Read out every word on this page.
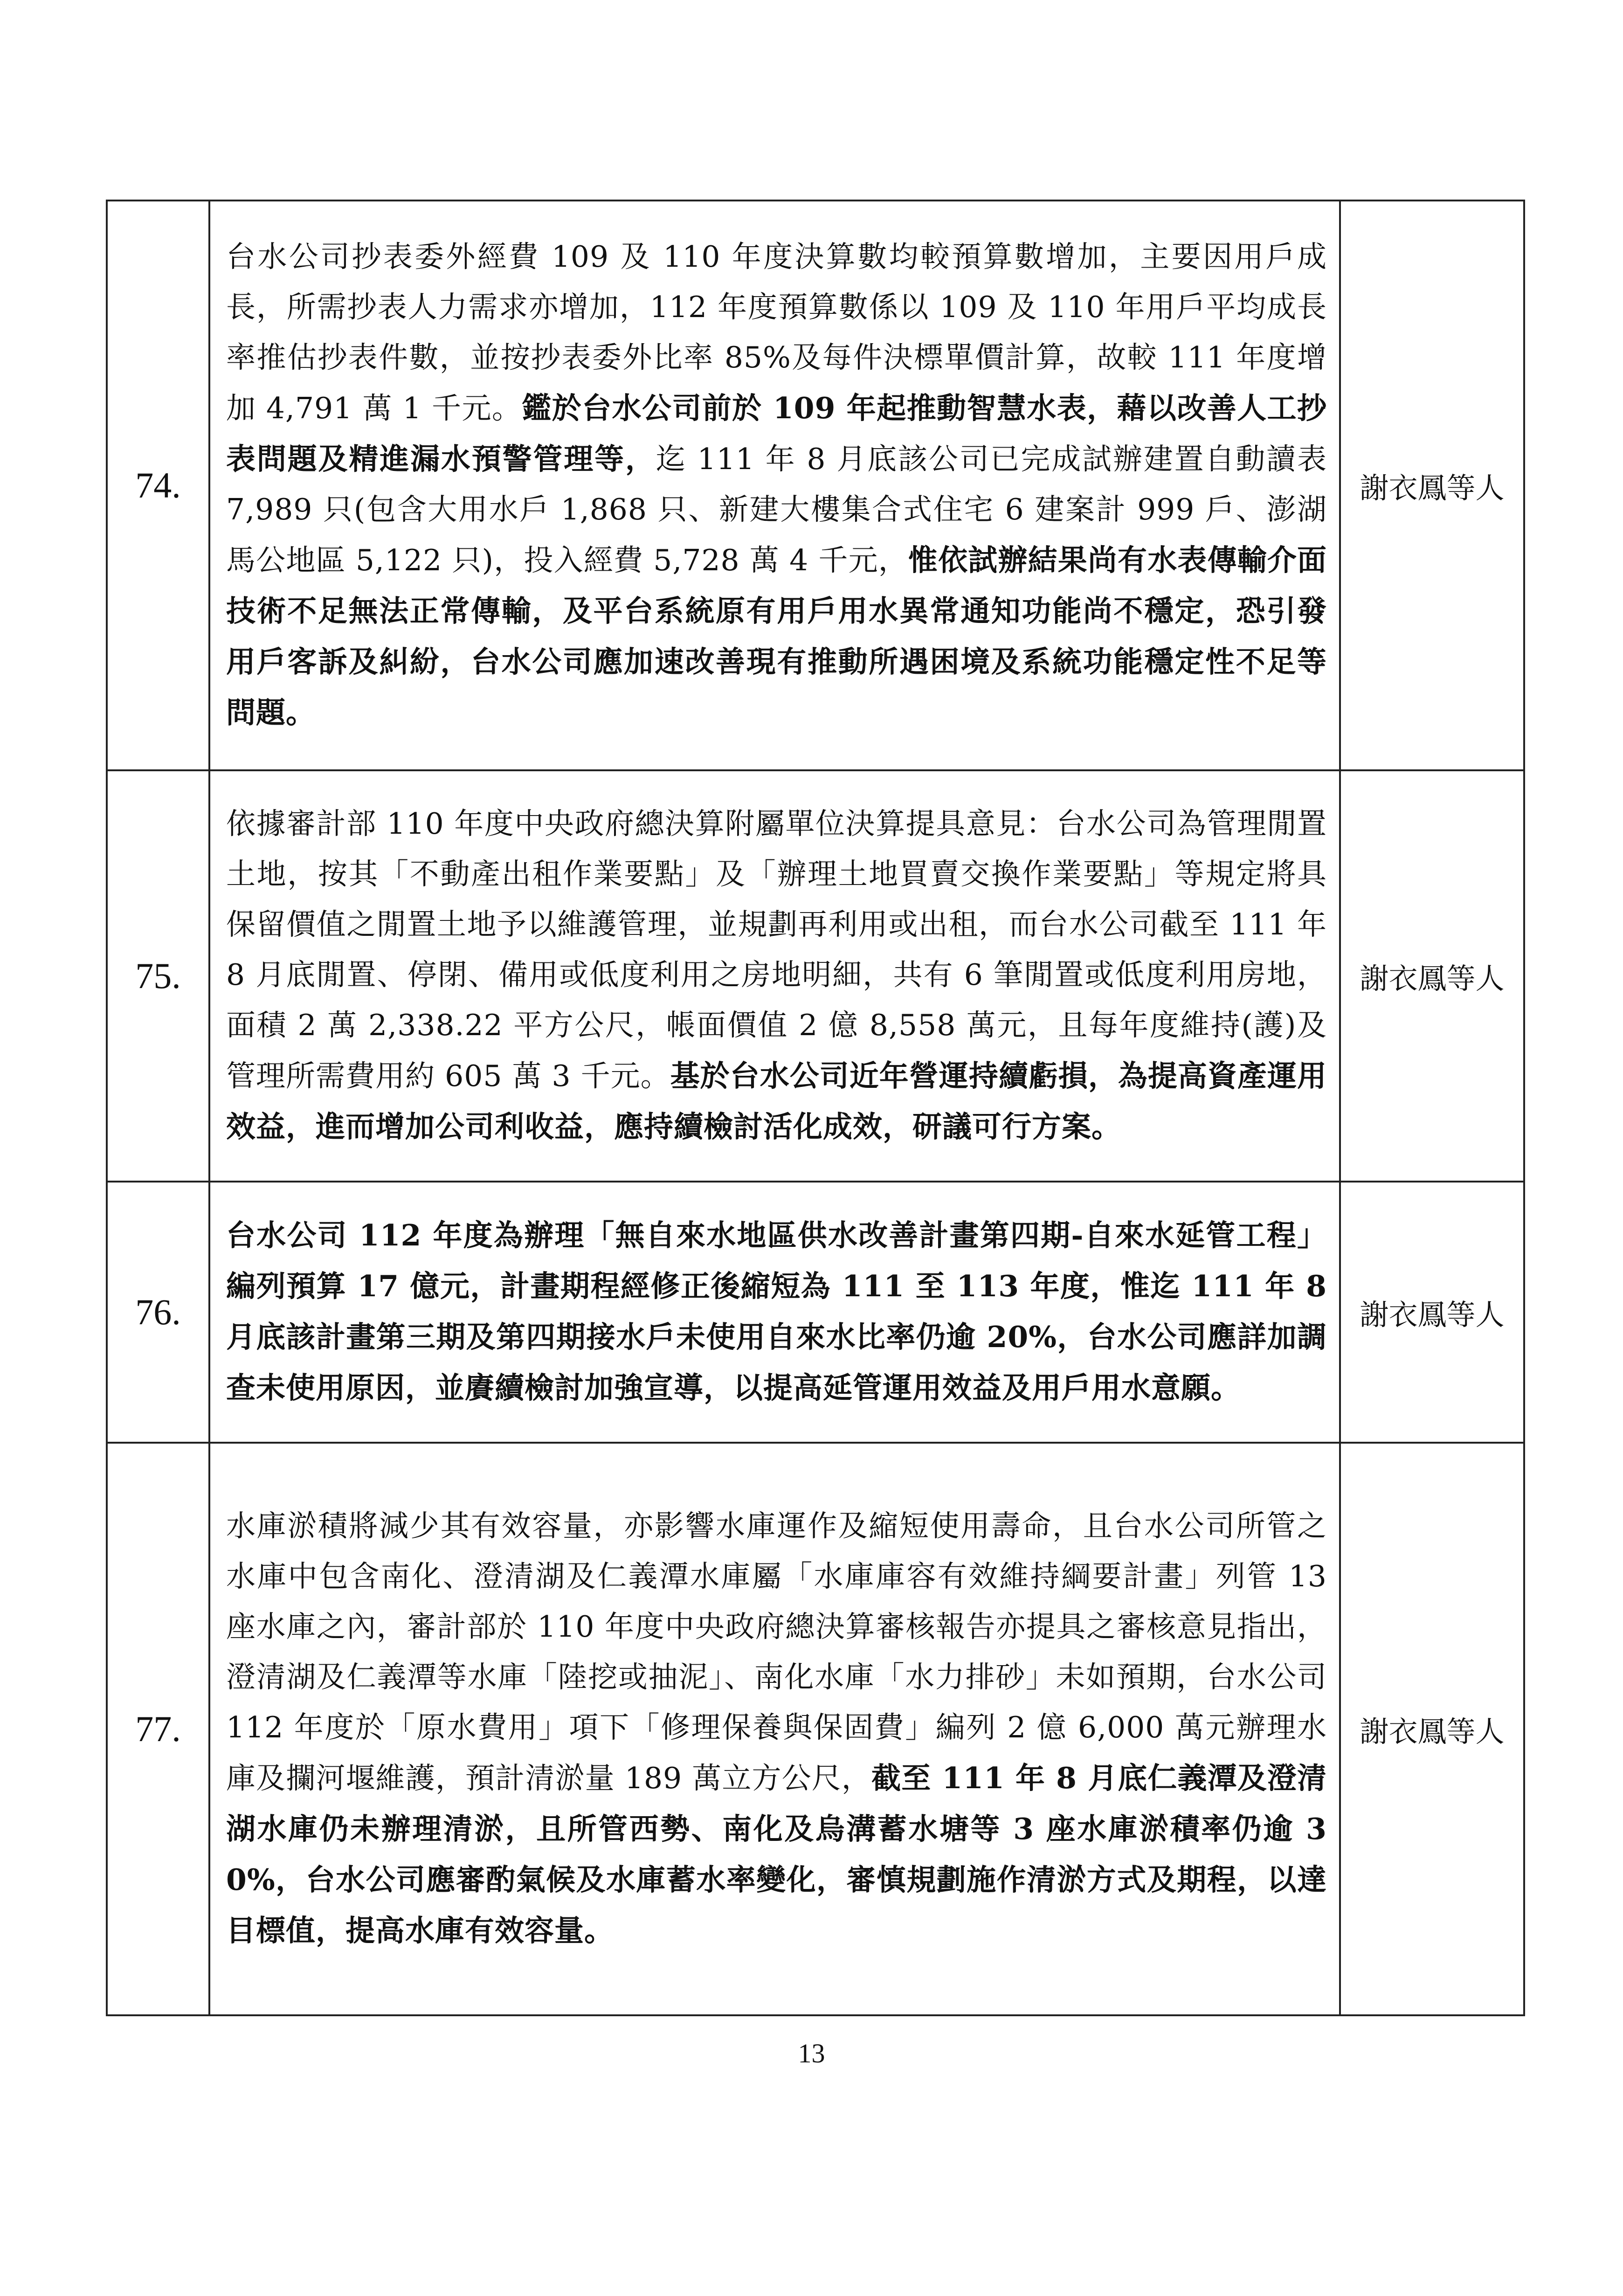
74.	台水公司抄表委外經費 109 及 110 年度決算數均較預算數增加，主要因用戶成長，所需抄表人力需求亦增加，112 年度預算數係以 109 及 110 年用戶平均成長率推估抄表件數，並按抄表委外比率 85%及每件決標單價計算，故較 111 年度增加 4,791 萬 1 千元。鑑於台水公司前於 109 年起推動智慧水表，藉以改善人工抄表問題及精進漏水預警管理等，迄 111 年 8 月底該公司已完成試辦建置自動讀表 7,989 只(包含大用水戶 1,868 只、新建大樓集合式住宅 6 建案計 999 戶、澎湖馬公地區 5,122 只)，投入經費 5,728 萬 4 千元，惟依試辦結果尚有水表傳輸介面技術不足無法正常傳輸，及平台系統原有用戶用水異常通知功能尚不穩定，恐引發用戶客訴及糾紛，台水公司應加速改善現有推動所遇困境及系統功能穩定性不足等問題。	謝衣鳳等人
75.	依據審計部 110 年度中央政府總決算附屬單位決算提具意見：台水公司為管理閒置土地，按其「不動產出租作業要點」及「辦理土地買賣交換作業要點」等規定將具保留價值之閒置土地予以維護管理，並規劃再利用或出租，而台水公司截至 111 年 8 月底閒置、停閉、備用或低度利用之房地明細，共有 6 筆閒置或低度利用房地，面積 2 萬 2,338.22 平方公尺，帳面價值 2 億 8,558 萬元，且每年度維持(護)及管理所需費用約 605 萬 3 千元。基於台水公司近年營運持續虧損，為提高資產運用效益，進而增加公司利收益，應持續檢討活化成效，研議可行方案。	謝衣鳳等人
76.	台水公司 112 年度為辦理「無自來水地區供水改善計畫第四期-自來水延管工程」編列預算 17 億元，計畫期程經修正後縮短為 111 至 113 年度，惟迄 111 年 8 月底該計畫第三期及第四期接水戶未使用自來水比率仍逾 20%，台水公司應詳加調查未使用原因，並賡續檢討加強宣導，以提高延管運用效益及用戶用水意願。	謝衣鳳等人
77.	水庫淤積將減少其有效容量，亦影響水庫運作及縮短使用壽命，且台水公司所管之水庫中包含南化、澄清湖及仁義潭水庫屬「水庫庫容有效維持綱要計畫」列管 13 座水庫之內，審計部於 110 年度中央政府總決算審核報告亦提具之審核意見指出，澄清湖及仁義潭等水庫「陸挖或抽泥」、南化水庫「水力排砂」未如預期，台水公司 112 年度於「原水費用」項下「修理保養與保固費」編列 2 億 6,000 萬元辦理水庫及攔河堰維護，預計清淤量 189 萬立方公尺，截至 111 年 8 月底仁義潭及澄清湖水庫仍未辦理清淤，且所管西勢、南化及烏溝蓄水塘等 3 座水庫淤積率仍逾 30%，台水公司應審酌氣候及水庫蓄水率變化，審慎規劃施作清淤方式及期程，以達目標值，提高水庫有效容量。	謝衣鳳等人
13
